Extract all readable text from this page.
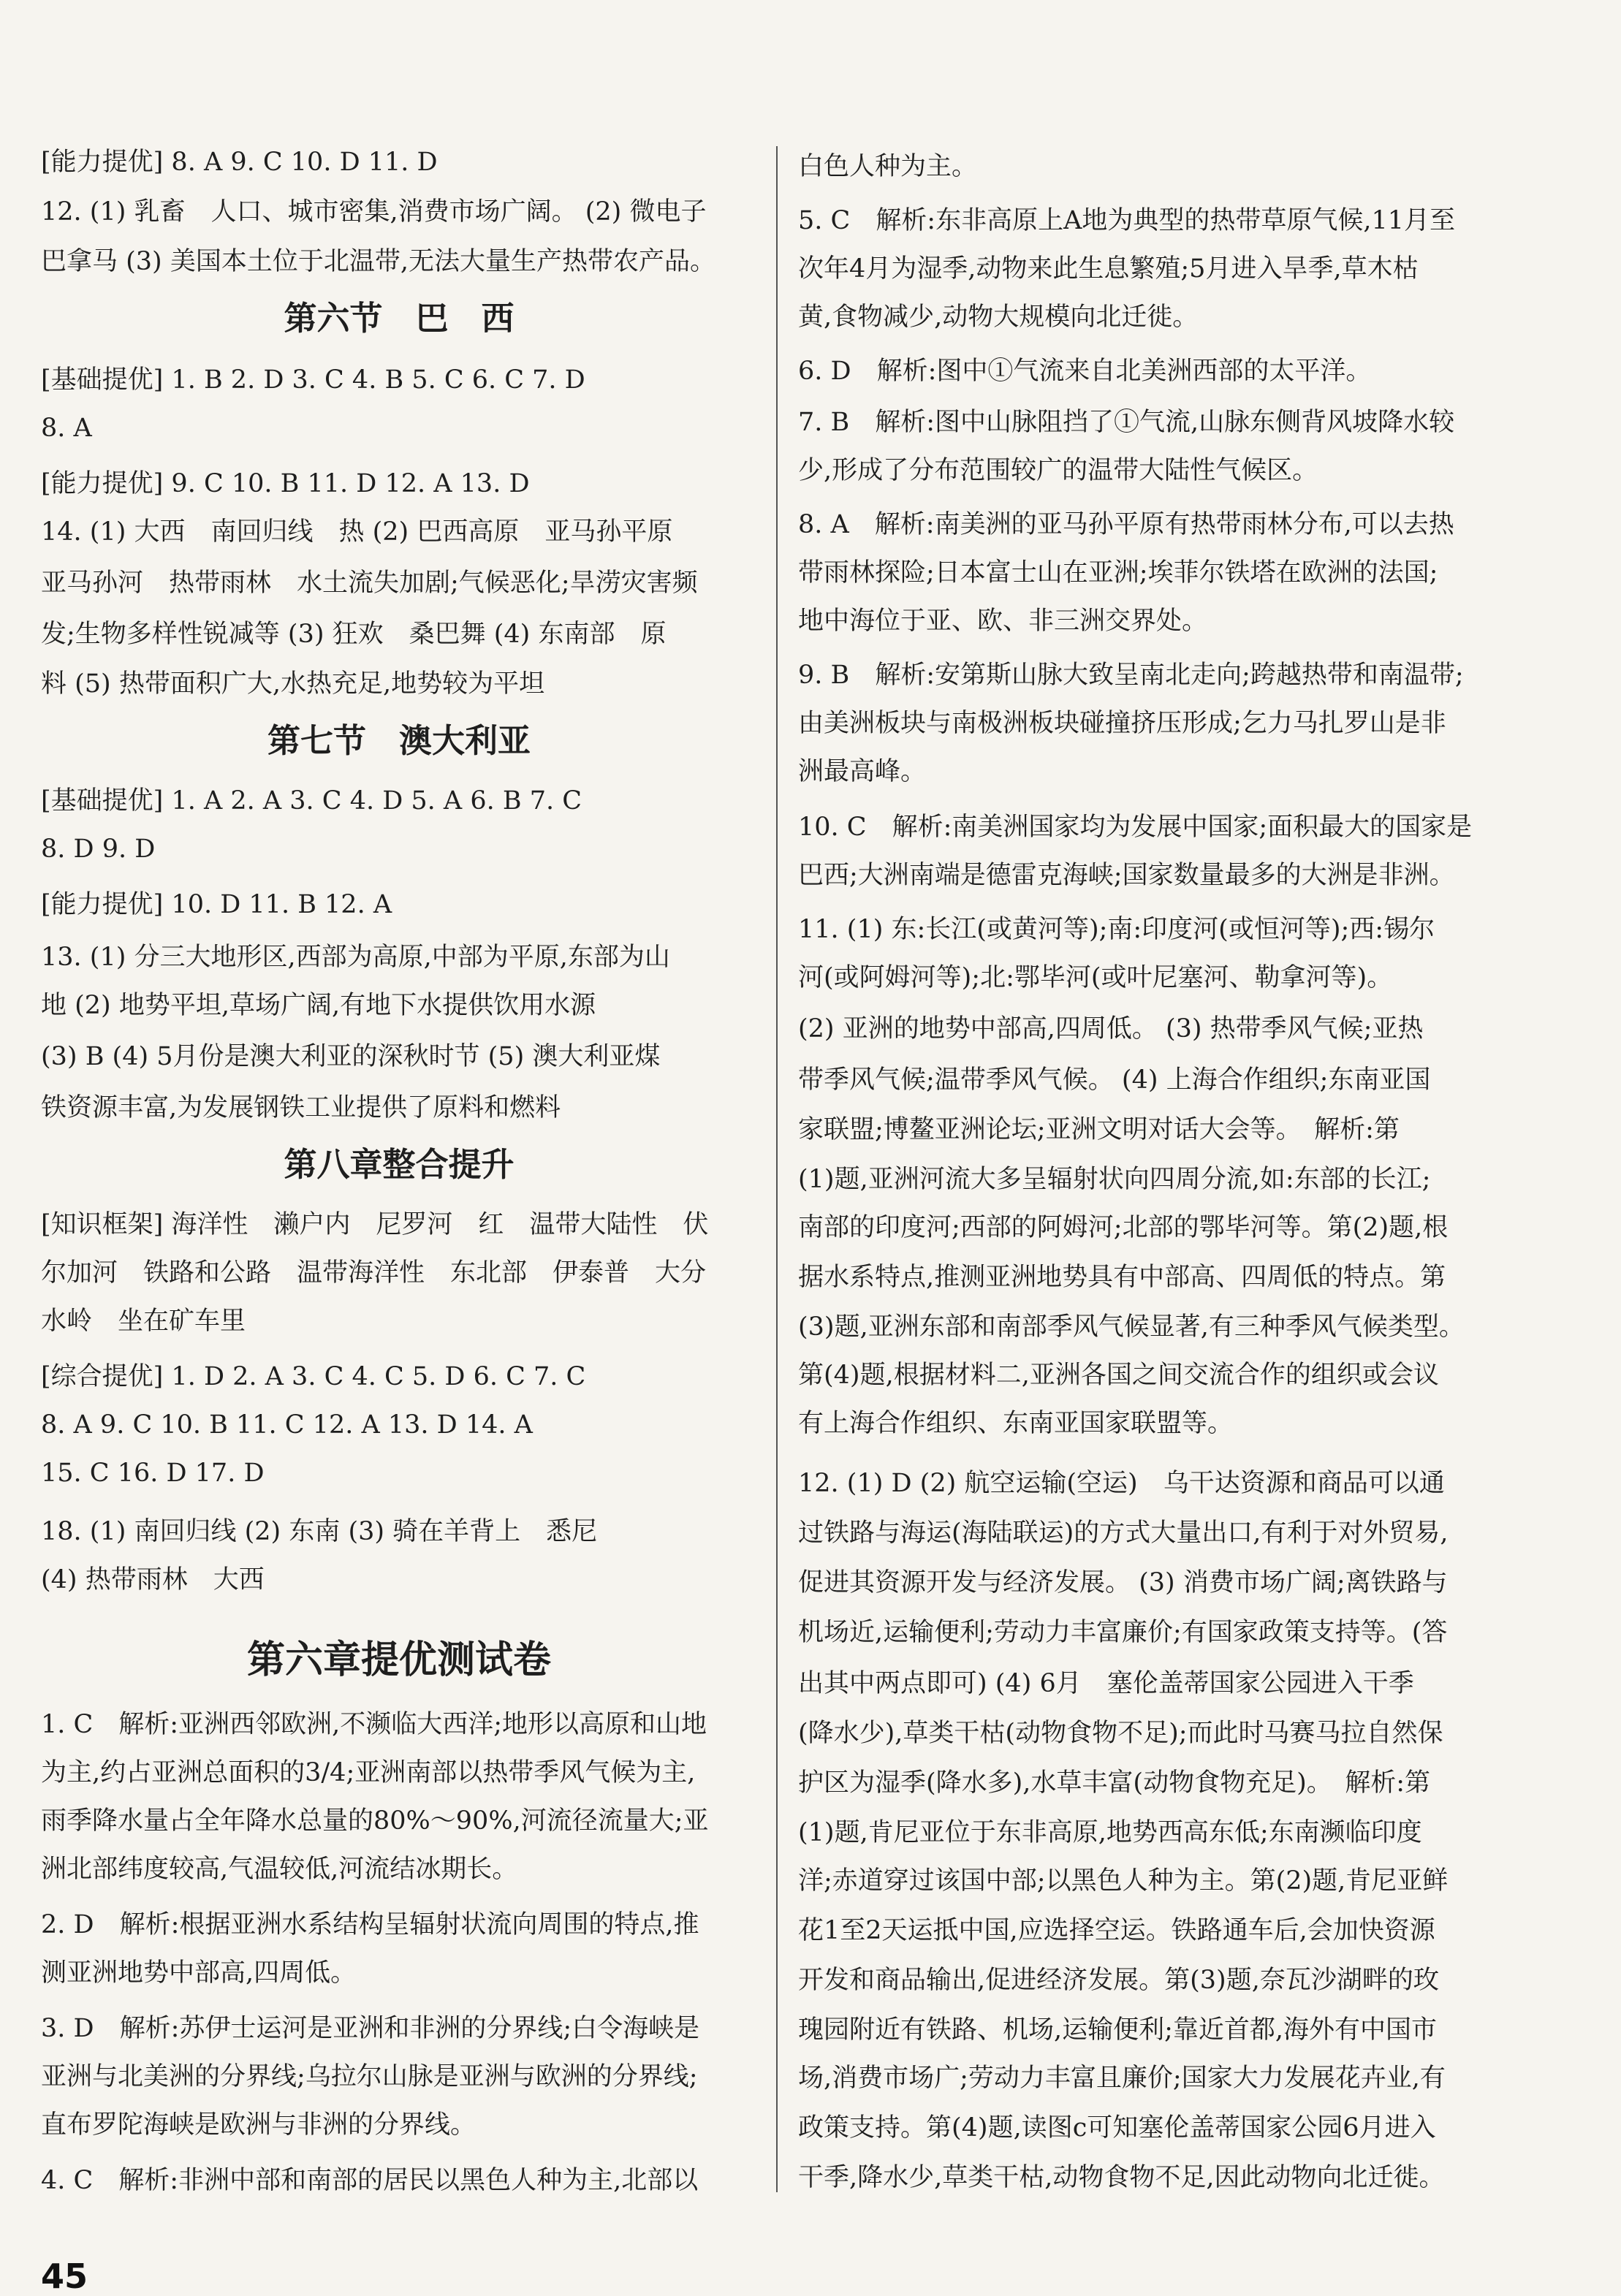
[能力提优] 8. A 9. C 10. D 11. D
12. (1) 乳畜　人口、城市密集,消费市场广阔。 (2) 微电子
巴拿马 (3) 美国本土位于北温带,无法大量生产热带农产品。
第六节　巴　西
[基础提优] 1. B 2. D 3. C 4. B 5. C 6. C 7. D
8. A
[能力提优] 9. C 10. B 11. D 12. A 13. D
14. (1) 大西　南回归线　热 (2) 巴西高原　亚马孙平原
亚马孙河　热带雨林　水土流失加剧;气候恶化;旱涝灾害频
发;生物多样性锐减等 (3) 狂欢　桑巴舞 (4) 东南部　原
料 (5) 热带面积广大,水热充足,地势较为平坦
第七节　澳大利亚
[基础提优] 1. A 2. A 3. C 4. D 5. A 6. B 7. C
8. D 9. D
[能力提优] 10. D 11. B 12. A
13. (1) 分三大地形区,西部为高原,中部为平原,东部为山
地 (2) 地势平坦,草场广阔,有地下水提供饮用水源
(3) B (4) 5月份是澳大利亚的深秋时节 (5) 澳大利亚煤
铁资源丰富,为发展钢铁工业提供了原料和燃料
第八章整合提升
[知识框架] 海洋性　濑户内　尼罗河　红　温带大陆性　伏
尔加河　铁路和公路　温带海洋性　东北部　伊泰普　大分
水岭　坐在矿车里
[综合提优] 1. D 2. A 3. C 4. C 5. D 6. C 7. C
8. A 9. C 10. B 11. C 12. A 13. D 14. A
15. C 16. D 17. D
18. (1) 南回归线 (2) 东南 (3) 骑在羊背上　悉尼
(4) 热带雨林　大西
第六章提优测试卷
1. C　解析:亚洲西邻欧洲,不濒临大西洋;地形以高原和山地
为主,约占亚洲总面积的3/4;亚洲南部以热带季风气候为主,
雨季降水量占全年降水总量的80%～90%,河流径流量大;亚
洲北部纬度较高,气温较低,河流结冰期长。
2. D　解析:根据亚洲水系结构呈辐射状流向周围的特点,推
测亚洲地势中部高,四周低。
3. D　解析:苏伊士运河是亚洲和非洲的分界线;白令海峡是
亚洲与北美洲的分界线;乌拉尔山脉是亚洲与欧洲的分界线;
直布罗陀海峡是欧洲与非洲的分界线。
4. C　解析:非洲中部和南部的居民以黑色人种为主,北部以
45
白色人种为主。
5. C　解析:东非高原上A地为典型的热带草原气候,11月至
次年4月为湿季,动物来此生息繁殖;5月进入旱季,草木枯
黄,食物减少,动物大规模向北迁徙。
6. D　解析:图中①气流来自北美洲西部的太平洋。
7. B　解析:图中山脉阻挡了①气流,山脉东侧背风坡降水较
少,形成了分布范围较广的温带大陆性气候区。
8. A　解析:南美洲的亚马孙平原有热带雨林分布,可以去热
带雨林探险;日本富士山在亚洲;埃菲尔铁塔在欧洲的法国;
地中海位于亚、欧、非三洲交界处。
9. B　解析:安第斯山脉大致呈南北走向;跨越热带和南温带;
由美洲板块与南极洲板块碰撞挤压形成;乞力马扎罗山是非
洲最高峰。
10. C　解析:南美洲国家均为发展中国家;面积最大的国家是
巴西;大洲南端是德雷克海峡;国家数量最多的大洲是非洲。
11. (1) 东:长江(或黄河等);南:印度河(或恒河等);西:锡尔
河(或阿姆河等);北:鄂毕河(或叶尼塞河、勒拿河等)。
(2) 亚洲的地势中部高,四周低。 (3) 热带季风气候;亚热
带季风气候;温带季风气候。 (4) 上海合作组织;东南亚国
家联盟;博鳌亚洲论坛;亚洲文明对话大会等。　解析:第
(1)题,亚洲河流大多呈辐射状向四周分流,如:东部的长江;
南部的印度河;西部的阿姆河;北部的鄂毕河等。第(2)题,根
据水系特点,推测亚洲地势具有中部高、四周低的特点。第
(3)题,亚洲东部和南部季风气候显著,有三种季风气候类型。
第(4)题,根据材料二,亚洲各国之间交流合作的组织或会议
有上海合作组织、东南亚国家联盟等。
12. (1) D (2) 航空运输(空运)　乌干达资源和商品可以通
过铁路与海运(海陆联运)的方式大量出口,有利于对外贸易,
促进其资源开发与经济发展。 (3) 消费市场广阔;离铁路与
机场近,运输便利;劳动力丰富廉价;有国家政策支持等。(答
出其中两点即可) (4) 6月　塞伦盖蒂国家公园进入干季
(降水少),草类干枯(动物食物不足);而此时马赛马拉自然保
护区为湿季(降水多),水草丰富(动物食物充足)。　解析:第
(1)题,肯尼亚位于东非高原,地势西高东低;东南濒临印度
洋;赤道穿过该国中部;以黑色人种为主。第(2)题,肯尼亚鲜
花1至2天运抵中国,应选择空运。铁路通车后,会加快资源
开发和商品输出,促进经济发展。第(3)题,奈瓦沙湖畔的玫
瑰园附近有铁路、机场,运输便利;靠近首都,海外有中国市
场,消费市场广;劳动力丰富且廉价;国家大力发展花卉业,有
政策支持。第(4)题,读图c可知塞伦盖蒂国家公园6月进入
干季,降水少,草类干枯,动物食物不足,因此动物向北迁徙。
